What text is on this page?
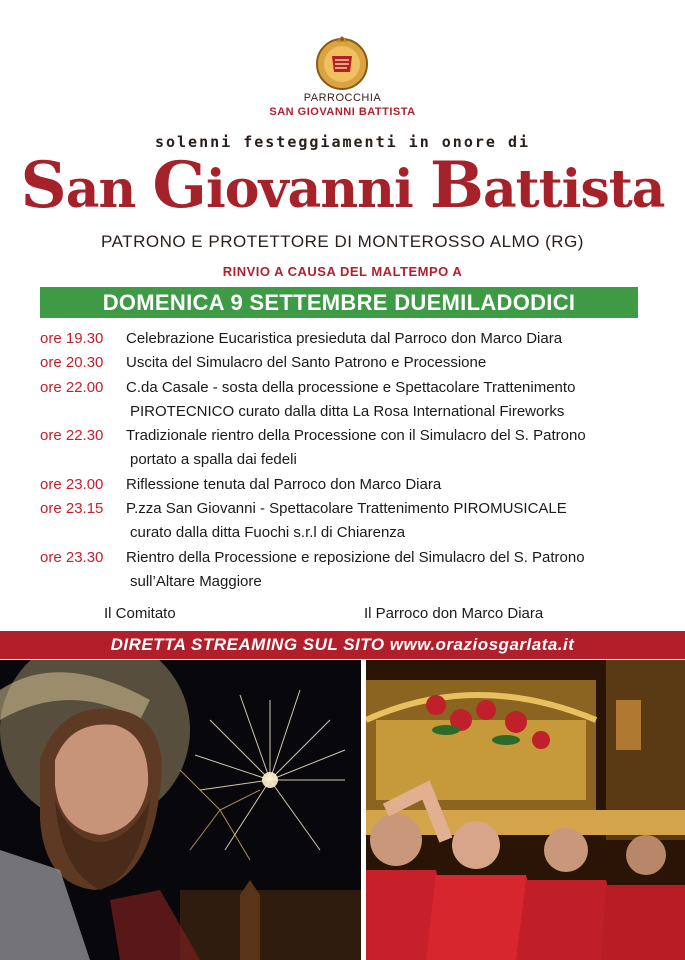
PARROCCHIA
SAN GIOVANNI BATTISTA
solenni festeggiamenti in onore di
San Giovanni Battista
PATRONO E PROTETTORE DI MONTEROSSO ALMO (RG)
RINVIO A CAUSA DEL MALTEMPO A
DOMENICA 9 SETTEMBRE DUEMILADODICI
ore 19.30	Celebrazione Eucaristica presieduta dal Parroco don Marco Diara
ore 20.30	Uscita del Simulacro del Santo Patrono e Processione
ore 22.00	C.da Casale - sosta della processione e Spettacolare Trattenimento
PIROTECNICO curato dalla ditta La Rosa International Fireworks
ore 22.30	Tradizionale rientro della Processione con il Simulacro del S. Patrono
portato a spalla dai fedeli
ore 23.00	Riflessione tenuta dal Parroco don Marco Diara
ore 23.15	P.zza San Giovanni - Spettacolare Trattenimento PIROMUSICALE
curato dalla ditta Fuochi s.r.l di Chiarenza
ore 23.30	Rientro della Processione e reposizione del Simulacro del S. Patrono
sull’Altare Maggiore
Il Comitato	Il Parroco don Marco Diara
DIRETTA STREAMING SUL SITO www.oraziosgarlata.it
